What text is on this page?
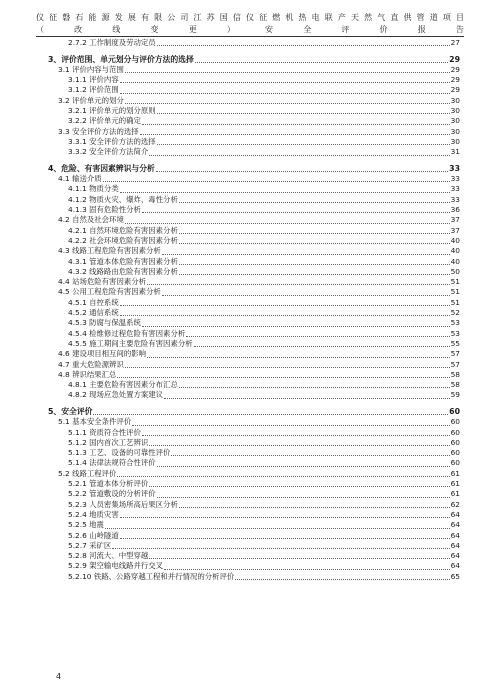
仪 征 磐 石 能 源 发 展 有 限 公 司 江 苏 国 信 仪 征 燃 机 热 电 联 产 天 然 气 直 供 管 道 项 目
（	改	线	变	更	）	安	全	评	价	报	告
2.7.2 工作制度及劳动定员	27
3、评价范围、单元划分与评价方法的选择	29
3.1 评价内容与范围	29
3.1.1 评价内容	29
3.1.2 评价范围	29
3.2 评价单元的划分	30
3.2.1 评价单元的划分原则	30
3.2.2 评价单元的确定	30
3.3 安全评价方法的选择	30
3.3.1 安全评价方法的选择	30
3.3.2 安全评价方法简介	31
4、危险、有害因素辨识与分析	33
4.1 输送介质	33
4.1.1 物质分类	33
4.1.2 物质火灾、爆炸、毒性分析	33
4.1.3 固有危险性分析	36
4.2 自然及社会环境	37
4.2.1 自然环境危险有害因素分析	37
4.2.2 社会环境危险有害因素分析	40
4.3 线路工程危险有害因素分析	40
4.3.1 管道本体危险有害因素分析	40
4.3.2 线路路由危险有害因素分析	50
4.4 站场危险有害因素分析	51
4.5 公用工程危险有害因素分析	51
4.5.1 自控系统	51
4.5.2 通信系统	52
4.5.3 防腐与保温系统	53
4.5.4 检维修过程危险有害因素分析	53
4.5.5 施工期间主要危险有害因素分析	55
4.6 建设项目相互间的影响	57
4.7 重大危险源辨识	57
4.8 辨识结果汇总	58
4.8.1 主要危险有害因素分布汇总	58
4.8.2 现场应急处置方案建议	59
5、安全评价	60
5.1 基本安全条件评价	60
5.1.1 资质符合性评价	60
5.1.2 国内首次工艺辨识	60
5.1.3 工艺、设备的可靠性评价	60
5.1.4 法律法规符合性评价	60
5.2 线路工程评价	61
5.2.1 管道本体分析评价	61
5.2.2 管道敷设的分析评价	61
5.2.3 人员密集场所高后果区分析	62
5.2.4 地质灾害	64
5.2.5 地震	64
5.2.6 山岭隧道	64
5.2.7 采矿区	64
5.2.8 河流大、中型穿越	64
5.2.9 架空输电线路并行交叉	64
5.2.10 铁路、公路穿越工程和并行情况的分析评价	65
4
